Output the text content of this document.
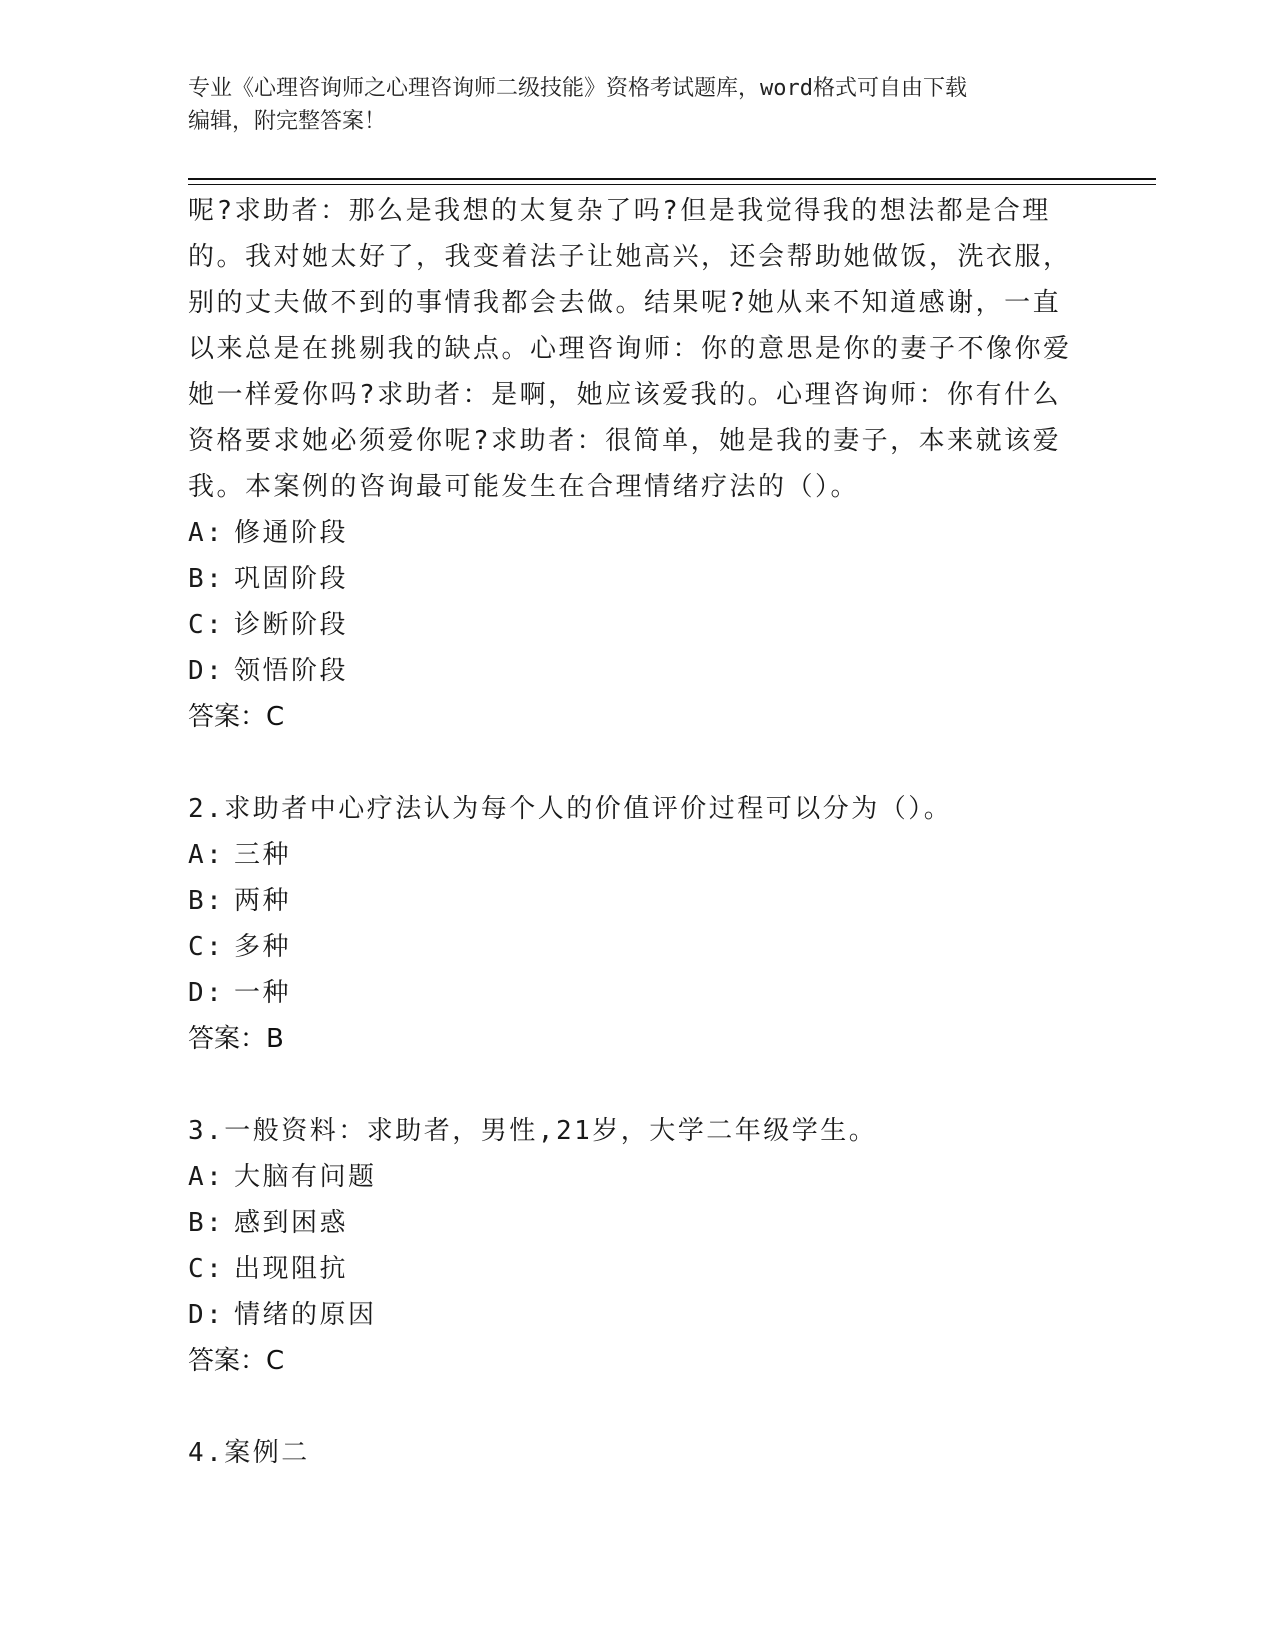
专业《心理咨询师之心理咨询师二级技能》资格考试题库，word格式可自由下载
编辑，附完整答案！

呢?求助者：那么是我想的太复杂了吗?但是我觉得我的想法都是合理的。我对她太好了，我变着法子让她高兴，还会帮助她做饭，洗衣服，别的丈夫做不到的事情我都会去做。结果呢?她从来不知道感谢，一直以来总是在挑剔我的缺点。心理咨询师：你的意思是你的妻子不像你爱她一样爱你吗?求助者：是啊，她应该爱我的。心理咨询师：你有什么资格要求她必须爱你呢?求助者：很简单，她是我的妻子，本来就该爱我。本案例的咨询最可能发生在合理情绪疗法的（）。

A: 修通阶段
B: 巩固阶段
C: 诊断阶段
D: 领悟阶段
答案：C
2.求助者中心疗法认为每个人的价值评价过程可以分为（）。
A: 三种
B: 两种
C: 多种
D: 一种
答案：B
3.一般资料：求助者，男性,21岁，大学二年级学生。
A: 大脑有问题
B: 感到困惑
C: 出现阻抗
D: 情绪的原因
答案：C
4.案例二
